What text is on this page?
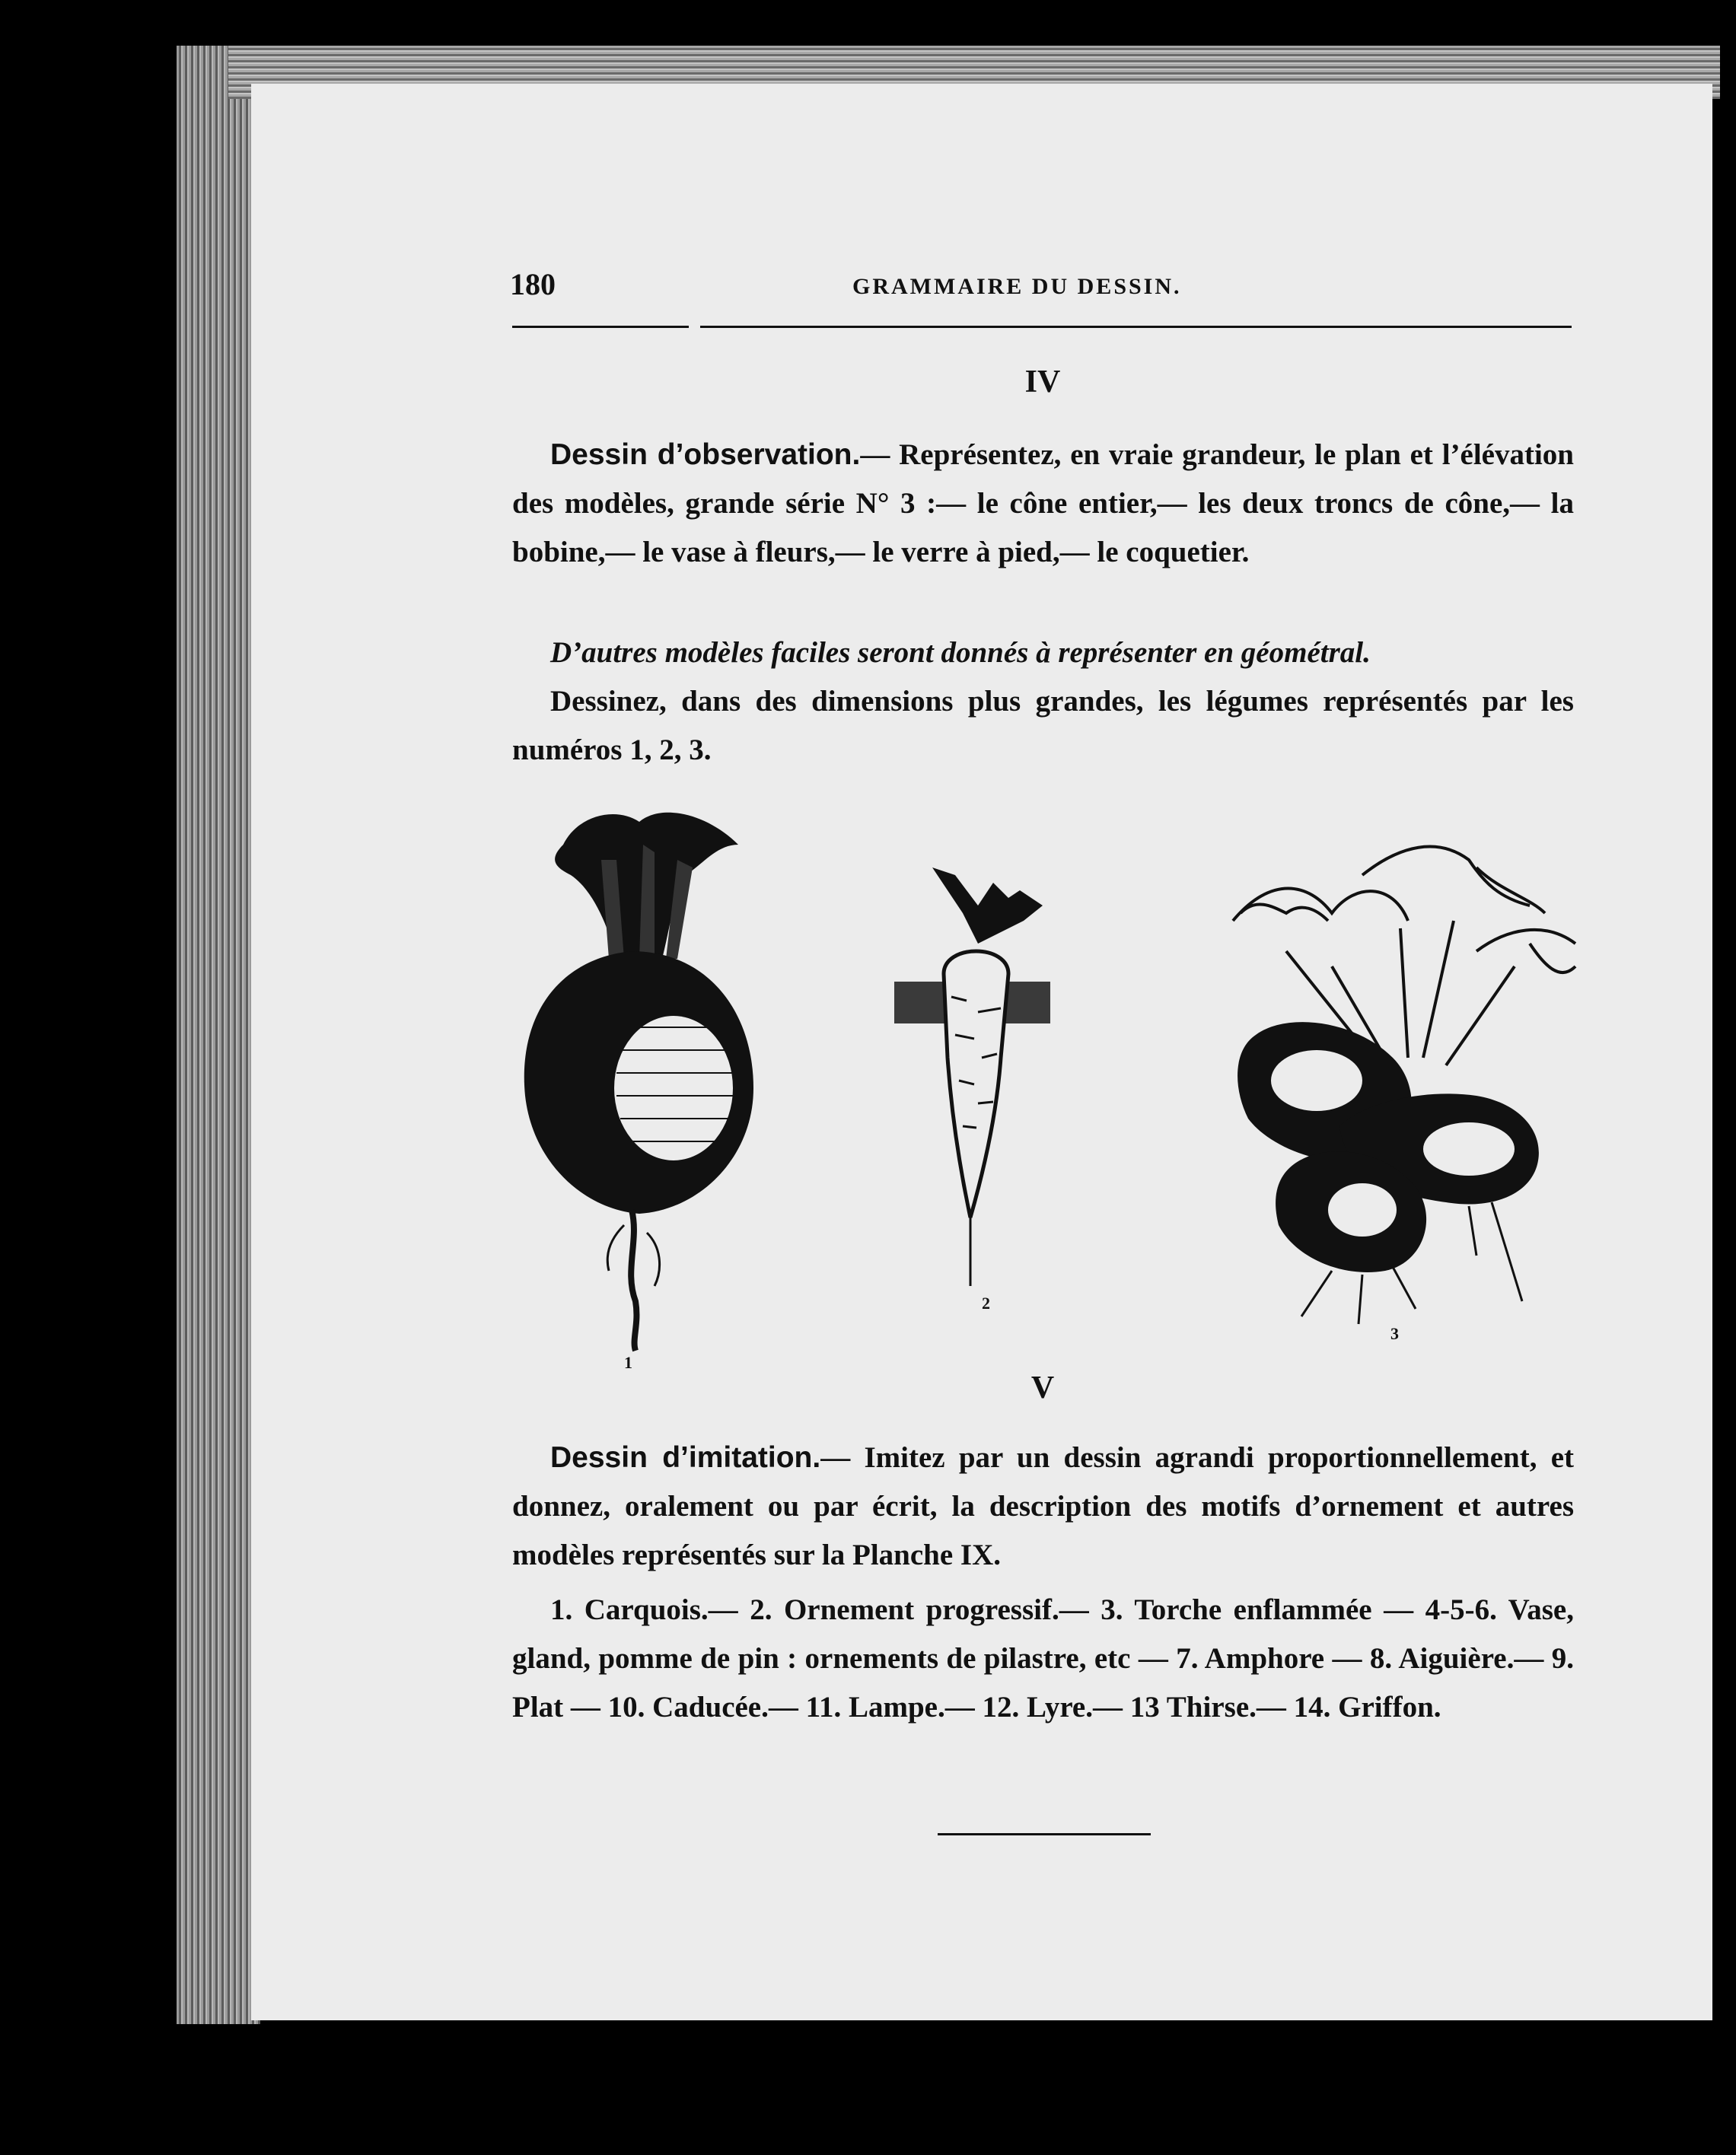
180	GRAMMAIRE DU DESSIN.
IV
Dessin d’observation.— Représentez, en vraie grandeur, le plan et l’élévation des modèles, grande série N° 3 :— le cône entier,— les deux troncs de cône,— la bobine,— le vase à fleurs,— le verre à pied,— le coquetier.
D’autres modèles faciles seront donnés à représenter en géométral.
Dessinez, dans des dimensions plus grandes, les légumes représentés par les numéros 1, 2, 3.
1
2
3
V
Dessin d’imitation.— Imitez par un dessin agrandi proportionnellement, et donnez, oralement ou par écrit, la description des motifs d’ornement et autres modèles représentés sur la Planche IX.
1. Carquois.— 2. Ornement progressif.— 3. Torche enflammée — 4-5-6. Vase, gland, pomme de pin : ornements de pilastre, etc — 7. Amphore — 8. Aiguière.— 9. Plat — 10. Caducée.— 11. Lampe.— 12. Lyre.— 13 Thirse.— 14. Griffon.
